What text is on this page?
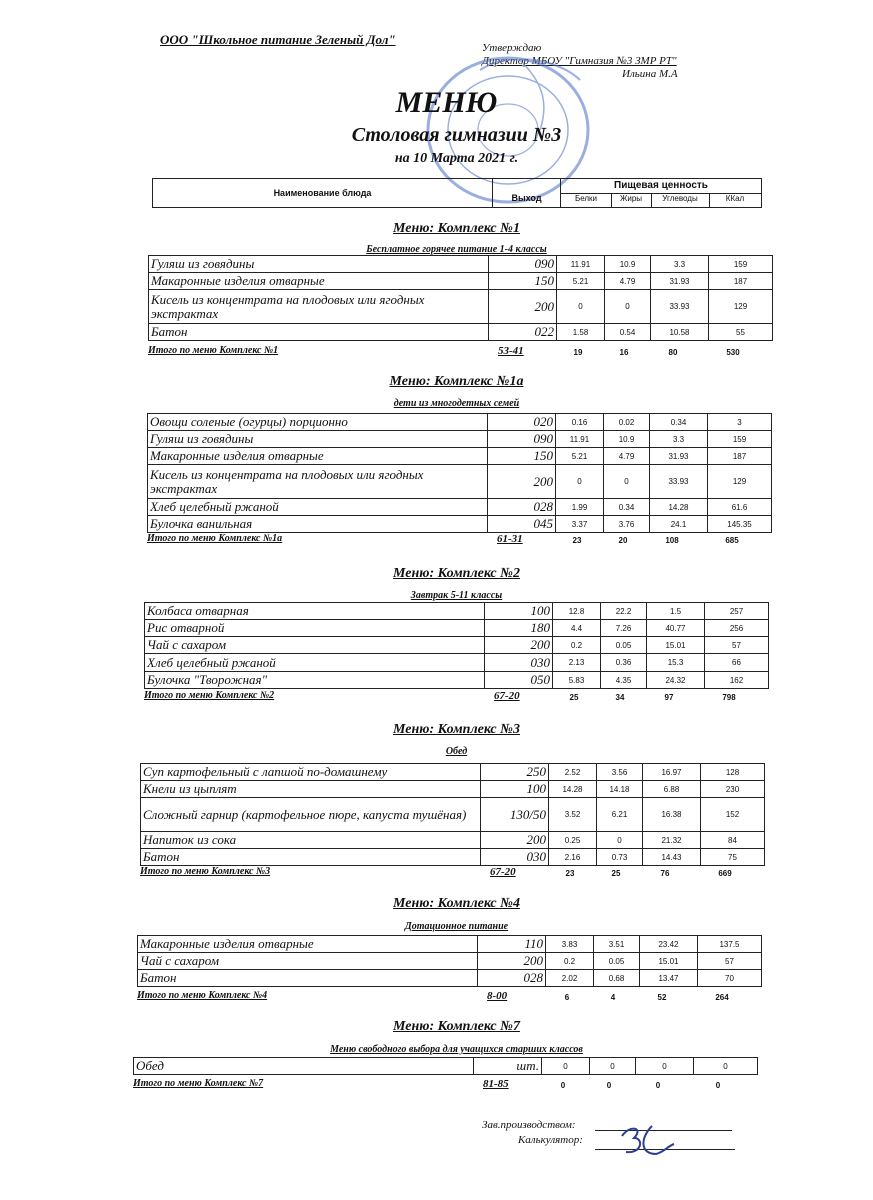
ООО "Школьное питание Зеленый Дол"
Утверждаю
Директор МБОУ "Гимназия №3 ЗМР РТ"
Ильина М.А
МЕНЮ
Столовая гимназии №3
на 10 Марта 2021 г.
Наименование блюда	Выход
Пищевая ценность
Белки	Жиры	Углеводы	ККал
Меню: Комплекс №1
Бесплатное горячее питание 1-4 классы
Гуляш из говядины	090	11.91	10.9	3.3	159
Макаронные изделия отварные	150	5.21	4.79	31.93	187
Кисель из концентрата на плодовых или ягодных экстрактах	200	0	0	33.93	129
Батон	022	1.58	0.54	10.58	55
Итого по меню Комплекс №1	53-41	19	16	80	530
Меню: Комплекс №1а
дети из многодетных семей
Овощи соленые (огурцы) порционно	020	0.16	0.02	0.34	3
Гуляш из говядины	090	11.91	10.9	3.3	159
Макаронные изделия отварные	150	5.21	4.79	31.93	187
Кисель из концентрата на плодовых или ягодных экстрактах	200	0	0	33.93	129
Хлеб целебный ржаной	028	1.99	0.34	14.28	61.6
Булочка ванильная	045	3.37	3.76	24.1	145.35
Итого по меню Комплекс №1а	61-31	23	20	108	685
Меню: Комплекс №2
Завтрак 5-11 классы
Колбаса отварная	100	12.8	22.2	1.5	257
Рис отварной	180	4.4	7.26	40.77	256
Чай с сахаром	200	0.2	0.05	15.01	57
Хлеб целебный ржаной	030	2.13	0.36	15.3	66
Булочка "Творожная"	050	5.83	4.35	24.32	162
Итого по меню Комплекс №2	67-20	25	34	97	798
Меню: Комплекс №3
Обед
Суп картофельный с лапшой по-домашнему	250	2.52	3.56	16.97	128
Кнели из цыплят	100	14.28	14.18	6.88	230
Сложный гарнир (картофельное пюре, капуста тушёная)	130/50	3.52	6.21	16.38	152
Напиток из сока	200	0.25	0	21.32	84
Батон	030	2.16	0.73	14.43	75
Итого по меню Комплекс №3	67-20	23	25	76	669
Меню: Комплекс №4
Дотационное питание
Макаронные изделия отварные	110	3.83	3.51	23.42	137.5
Чай с сахаром	200	0.2	0.05	15.01	57
Батон	028	2.02	0.68	13.47	70
Итого по меню Комплекс №4	8-00	6	4	52	264
Меню: Комплекс №7
Меню свободного выбора для учащихся старших классов
Обед	шт.	0	0	0	0
Итого по меню Комплекс №7	81-85	0	0	0	0
Зав.производством:
Калькулятор:
